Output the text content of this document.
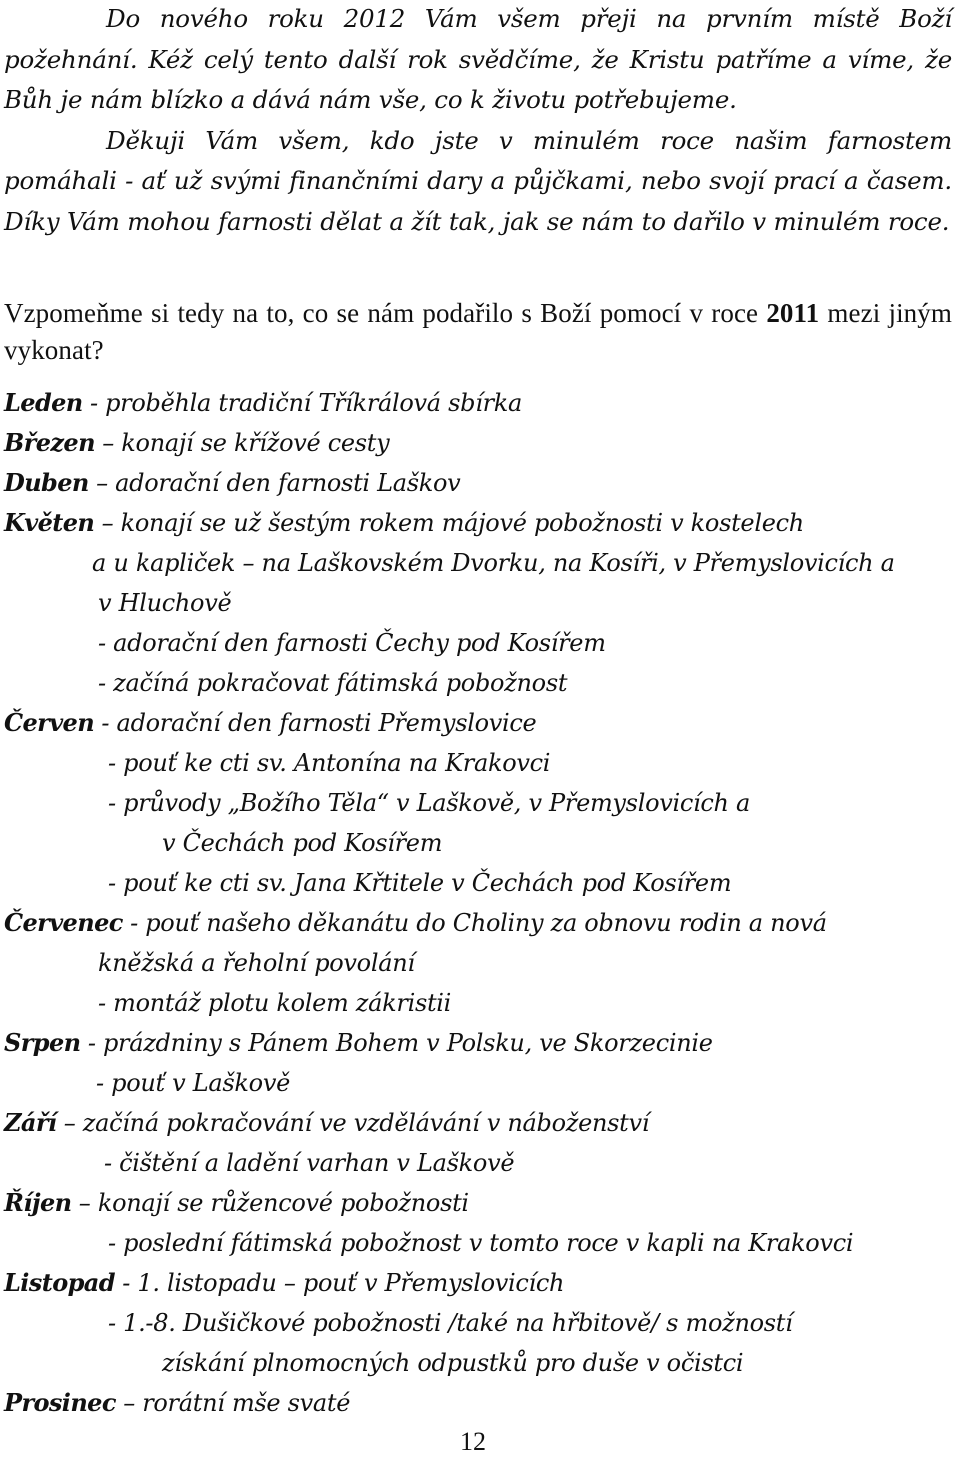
Do nového roku 2012 Vám všem přeji na prvním místě Boží požehnání. Kéž celý tento další rok svědčíme, že Kristu patříme a víme, že Bůh je nám blízko a dává nám vše, co k životu potřebujeme.

Děkuji Vám všem, kdo jste v minulém roce našim farnostem pomáhali - ať už svými finančními dary a půjčkami, nebo svojí prací a časem. Díky Vám mohou farnosti dělat a žít tak, jak se nám to dařilo v minulém roce.

Vzpomeňme si tedy na to, co se nám podařilo s Boží pomocí v roce 2011 mezi jiným vykonat?
Leden - proběhla tradiční Tříkrálová sbírka
Březen – konají se křížové cesty
Duben – adorační den farnosti Laškov
Květen – konají se už šestým rokem májové pobožnosti v kostelech
a u kapliček – na Laškovském Dvorku, na Kosíři, v Přemyslovicích a
v Hluchově
- adorační den farnosti Čechy pod Kosířem
- začíná pokračovat fátimská pobožnost
Červen - adorační den farnosti Přemyslovice
- pouť ke cti sv. Antonína na Krakovci
- průvody „Božího Těla“ v Laškově, v Přemyslovicích a
v Čechách pod Kosířem
- pouť ke cti sv. Jana Křtitele v Čechách pod Kosířem
Červenec - pouť našeho děkanátu do Choliny za obnovu rodin a nová
kněžská a řeholní povolání
- montáž plotu kolem zákristii
Srpen - prázdniny s Pánem Bohem v Polsku, ve Skorzecinie
- pouť v Laškově
Září – začíná pokračování ve vzdělávání v náboženství
- čištění a ladění varhan v Laškově
Říjen – konají se růžencové pobožnosti
- poslední fátimská pobožnost v tomto roce v kapli na Krakovci
Listopad - 1. listopadu – pouť v Přemyslovicích
- 1.-8. Dušičkové pobožnosti /také na hřbitově/ s možností
získání plnomocných odpustků pro duše v očistci
Prosinec – rorátní mše svaté
12
